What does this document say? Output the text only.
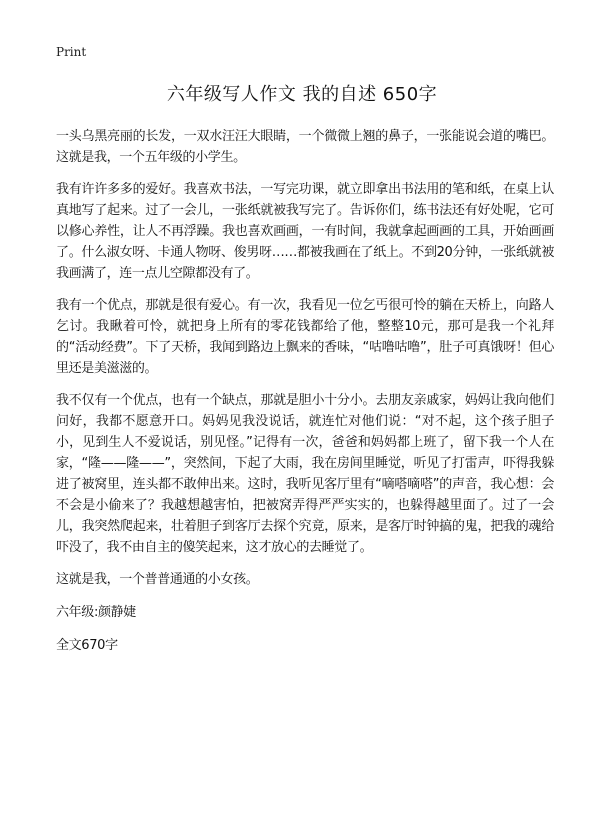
Print
六年级写人作文 我的自述 650字

一头乌黑亮丽的长发，一双水汪汪大眼睛，一个微微上翘的鼻子，一张能说会道的嘴巴。这就是我，一个五年级的小学生。

我有许许多多的爱好。我喜欢书法，一写完功课，就立即拿出书法用的笔和纸，在桌上认真地写了起来。过了一会儿，一张纸就被我写完了。告诉你们，练书法还有好处呢，它可以修心养性，让人不再浮躁。我也喜欢画画，一有时间，我就拿起画画的工具，开始画画了。什么淑女呀、卡通人物呀、俊男呀……都被我画在了纸上。不到20分钟，一张纸就被我画满了，连一点儿空隙都没有了。

我有一个优点，那就是很有爱心。有一次，我看见一位乞丐很可怜的躺在天桥上，向路人乞讨。我瞅着可怜，就把身上所有的零花钱都给了他，整整10元，那可是我一个礼拜的“活动经费”。下了天桥，我闻到路边上飘来的香味，“咕噜咕噜”，肚子可真饿呀！但心里还是美滋滋的。

我不仅有一个优点，也有一个缺点，那就是胆小十分小。去朋友亲戚家，妈妈让我向他们问好，我都不愿意开口。妈妈见我没说话，就连忙对他们说：“对不起，这个孩子胆子小，见到生人不爱说话，别见怪。”记得有一次，爸爸和妈妈都上班了，留下我一个人在家，“隆——隆——”，突然间，下起了大雨，我在房间里睡觉，听见了打雷声，吓得我躲进了被窝里，连头都不敢伸出来。这时，我听见客厅里有“嘀嗒嘀嗒”的声音，我心想：会不会是小偷来了？我越想越害怕，把被窝弄得严严实实的，也躲得越里面了。过了一会儿，我突然爬起来，壮着胆子到客厅去探个究竟，原来，是客厅时钟搞的鬼，把我的魂给吓没了，我不由自主的傻笑起来，这才放心的去睡觉了。

这就是我，一个普普通通的小女孩。

六年级:颜静婕

全文670字
